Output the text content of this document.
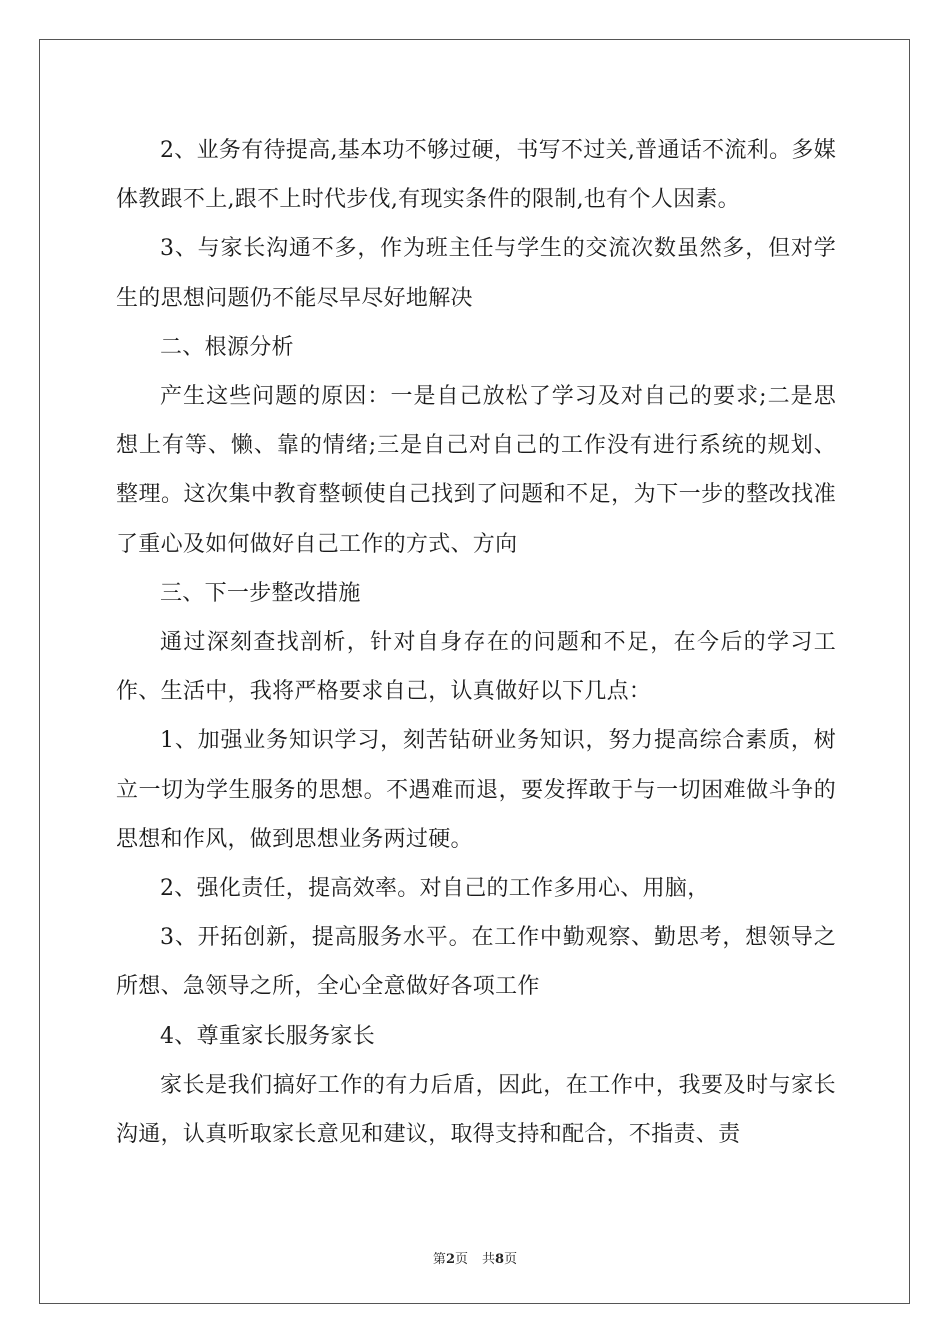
2、业务有待提高,基本功不够过硬，书写不过关,普通话不流利。多媒体教跟不上,跟不上时代步伐,有现实条件的限制,也有个人因素。

3、与家长沟通不多，作为班主任与学生的交流次数虽然多，但对学生的思想问题仍不能尽早尽好地解决

二、根源分析

产生这些问题的原因：一是自己放松了学习及对自己的要求;二是思想上有等、懒、靠的情绪;三是自己对自己的工作没有进行系统的规划、整理。这次集中教育整顿使自己找到了问题和不足，为下一步的整改找准了重心及如何做好自己工作的方式、方向

三、下一步整改措施

通过深刻查找剖析，针对自身存在的问题和不足，在今后的学习工作、生活中，我将严格要求自己，认真做好以下几点：

1、加强业务知识学习，刻苦钻研业务知识，努力提高综合素质，树立一切为学生服务的思想。不遇难而退，要发挥敢于与一切困难做斗争的思想和作风，做到思想业务两过硬。

2、强化责任，提高效率。对自己的工作多用心、用脑，

3、开拓创新，提高服务水平。在工作中勤观察、勤思考，想领导之所想、急领导之所，全心全意做好各项工作

4、尊重家长服务家长

家长是我们搞好工作的有力后盾，因此，在工作中，我要及时与家长沟通，认真听取家长意见和建议，取得支持和配合，不指责、责

第2页 共8页
